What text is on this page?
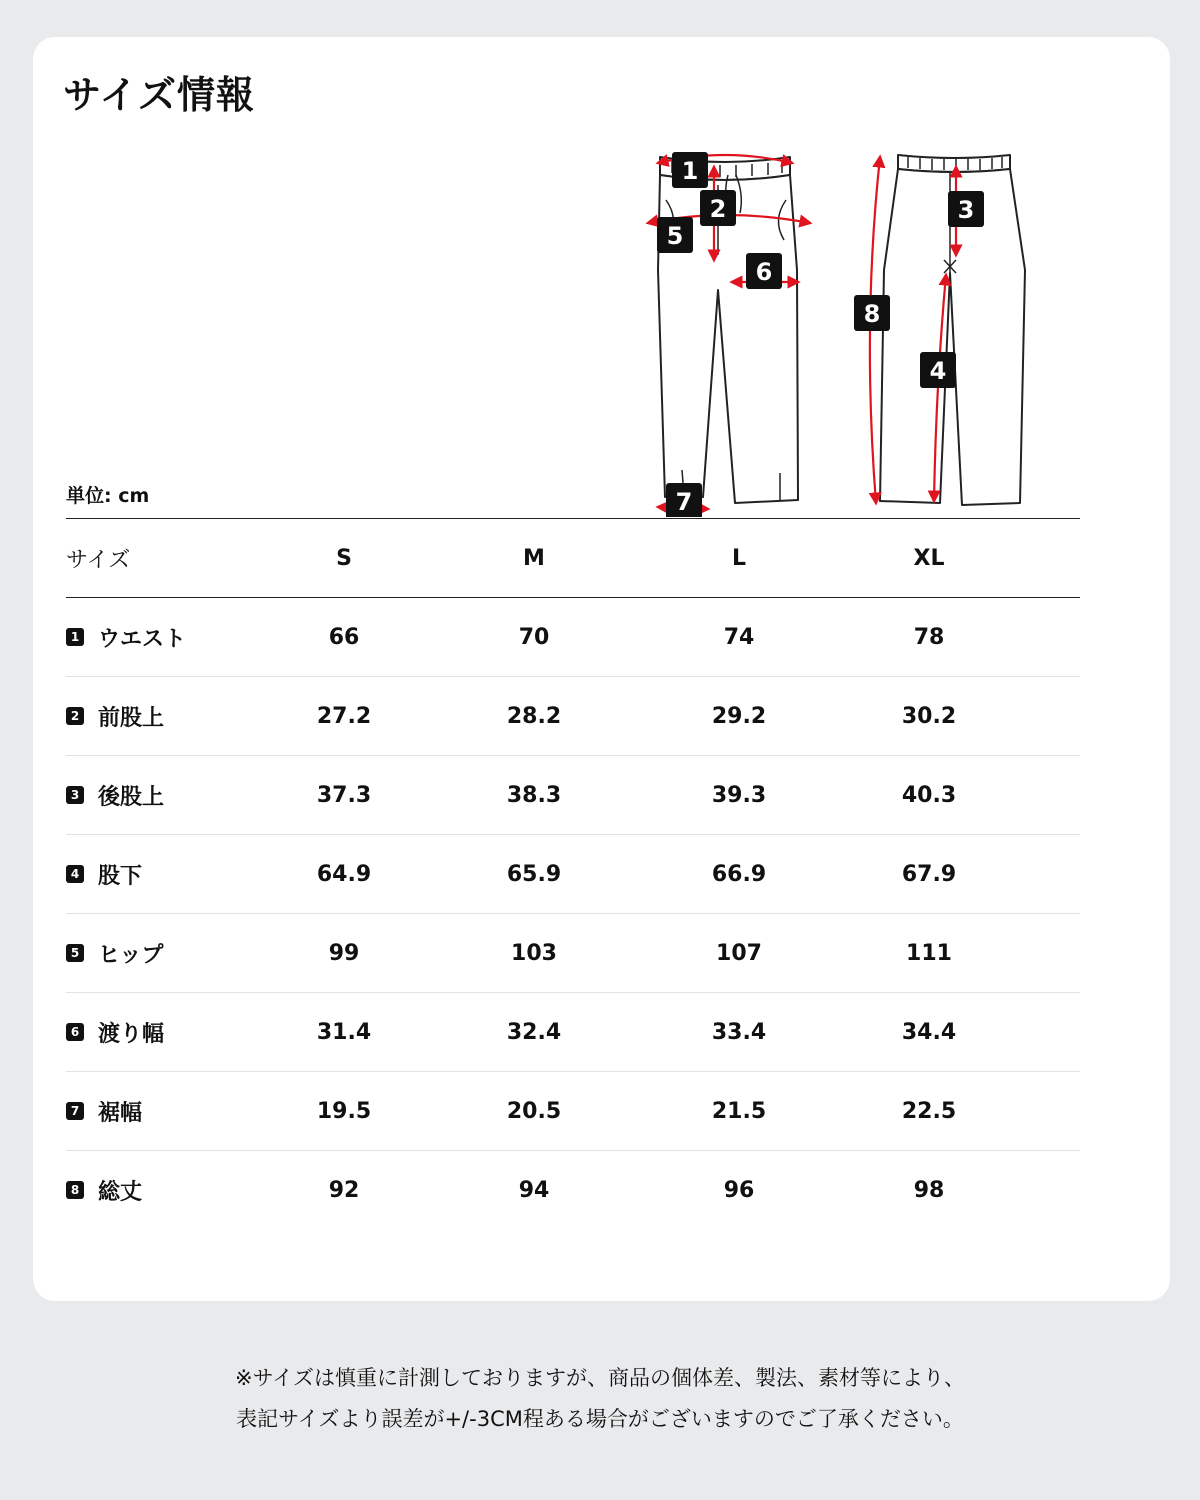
サイズ情報
1
2	3
4
5
6
7
8
単位: cm
サイズ	S	M	L	XL
1 ウエスト	66	70	74	78
2 前股上	27.2	28.2	29.2	30.2
3 後股上	37.3	38.3	39.3	40.3
4 股下	64.9	65.9	66.9	67.9
5 ヒップ	99	103	107	111
6 渡り幅	31.4	32.4	33.4	34.4
7 裾幅	19.5	20.5	21.5	22.5
8 総丈	92	94	96	98
※サイズは慎重に計測しておりますが、商品の個体差、製法、素材等により、
表記サイズより誤差が+/-3CM程ある場合がございますのでご了承ください。
